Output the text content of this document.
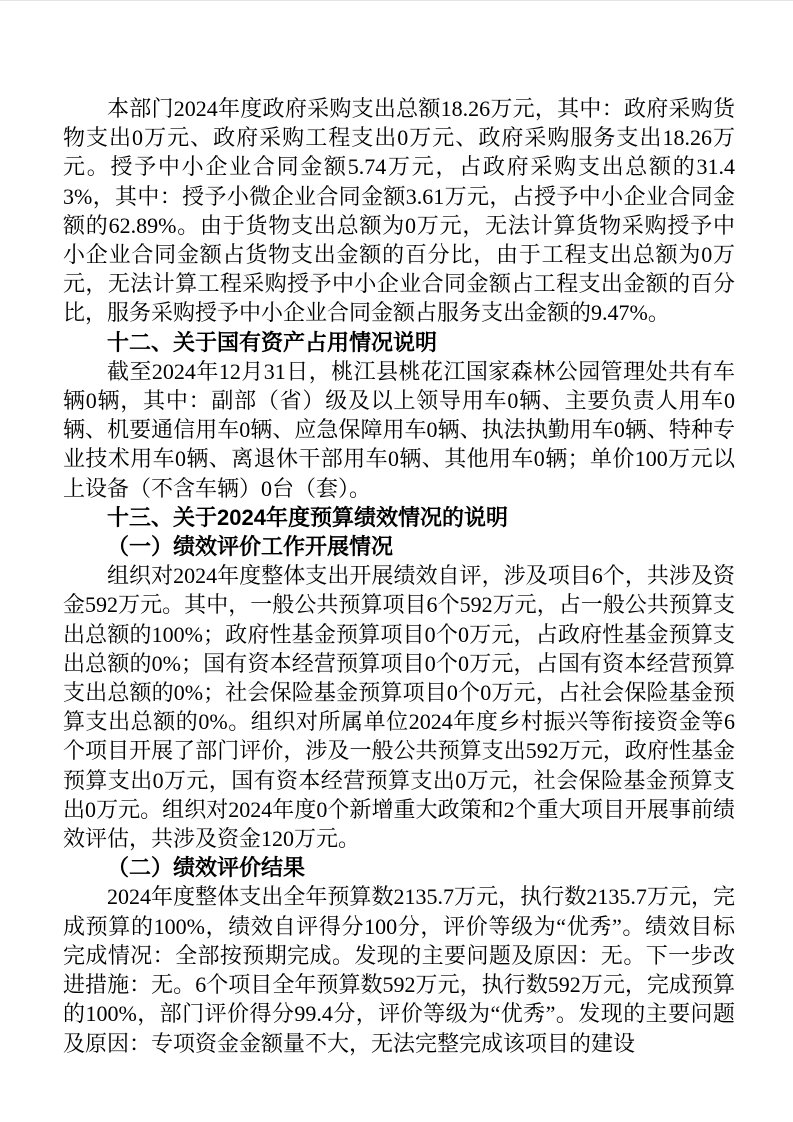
本部门2024年度政府采购支出总额18.26万元，其中：政府采购货物支出0万元、政府采购工程支出0万元、政府采购服务支出18.26万元。授予中小企业合同金额5.74万元，占政府采购支出总额的31.43%，其中：授予小微企业合同金额3.61万元，占授予中小企业合同金额的62.89%。由于货物支出总额为0万元，无法计算货物采购授予中小企业合同金额占货物支出金额的百分比，由于工程支出总额为0万元，无法计算工程采购授予中小企业合同金额占工程支出金额的百分比，服务采购授予中小企业合同金额占服务支出金额的9.47%。

十二、关于国有资产占用情况说明

截至2024年12月31日，桃江县桃花江国家森林公园管理处共有车辆0辆，其中：副部（省）级及以上领导用车0辆、主要负责人用车0辆、机要通信用车0辆、应急保障用车0辆、执法执勤用车0辆、特种专业技术用车0辆、离退休干部用车0辆、其他用车0辆；单价100万元以上设备（不含车辆）0台（套）。

十三、关于2024年度预算绩效情况的说明

（一）绩效评价工作开展情况

组织对2024年度整体支出开展绩效自评，涉及项目6个，共涉及资金592万元。其中，一般公共预算项目6个592万元，占一般公共预算支出总额的100%；政府性基金预算项目0个0万元，占政府性基金预算支出总额的0%；国有资本经营预算项目0个0万元，占国有资本经营预算支出总额的0%；社会保险基金预算项目0个0万元，占社会保险基金预算支出总额的0%。组织对所属单位2024年度乡村振兴等衔接资金等6个项目开展了部门评价，涉及一般公共预算支出592万元，政府性基金预算支出0万元，国有资本经营预算支出0万元，社会保险基金预算支出0万元。组织对2024年度0个新增重大政策和2个重大项目开展事前绩效评估，共涉及资金120万元。

（二）绩效评价结果

2024年度整体支出全年预算数2135.7万元，执行数2135.7万元，完成预算的100%，绩效自评得分100分，评价等级为“优秀”。绩效目标完成情况：全部按预期完成。发现的主要问题及原因：无。下一步改进措施：无。6个项目全年预算数592万元，执行数592万元，完成预算的100%，部门评价得分99.4分，评价等级为“优秀”。发现的主要问题及原因：专项资金金额量不大，无法完整完成该项目的建设
